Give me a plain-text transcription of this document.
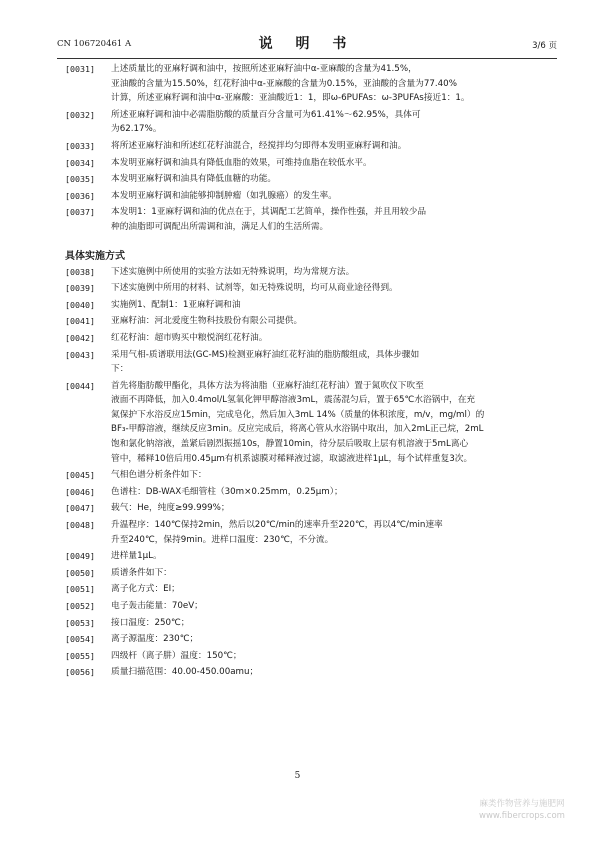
CN 106720461 A	说 明 书	3/6 页
[0031]	上述质量比的亚麻籽调和油中，按照所述亚麻籽油中α-亚麻酸的含量为41.5%，
亚油酸的含量为15.50%，红花籽油中α-亚麻酸的含量为0.15%，亚油酸的含量为77.40%
计算，所述亚麻籽调和油中α-亚麻酸：亚油酸近1：1，即ω-6PUFAs：ω-3PUFAs接近1：1。
[0032]	所述亚麻籽调和油中必需脂肪酸的质量百分含量可为61.41%～62.95%，具体可
为62.17%。
[0033]	将所述亚麻籽油和所述红花籽油混合，经搅拌均匀即得本发明亚麻籽调和油。
[0034]	本发明亚麻籽调和油具有降低血脂的效果，可维持血脂在较低水平。
[0035]	本发明亚麻籽调和油具有降低血糖的功能。
[0036]	本发明亚麻籽调和油能够抑制肿瘤（如乳腺癌）的发生率。
[0037]	本发明1：1亚麻籽调和油的优点在于，其调配工艺简单，操作性强，并且用较少品
种的油脂即可调配出所需调和油，满足人们的生活所需。
具体实施方式
[0038]	下述实施例中所使用的实验方法如无特殊说明，均为常规方法。
[0039]	下述实施例中所用的材料、试剂等，如无特殊说明，均可从商业途径得到。
[0040]	实施例1、配制1：1亚麻籽调和油
[0041]	亚麻籽油：河北爱度生物科技股份有限公司提供。
[0042]	红花籽油：超市购买中粮悦润红花籽油。
[0043]	采用气相-质谱联用法(GC-MS)检测亚麻籽油红花籽油的脂肪酸组成，具体步骤如
下：
[0044]	首先将脂肪酸甲酯化，具体方法为将油脂（亚麻籽油红花籽油）置于氮吹仪下吹至
液面不再降低，加入0.4mol/L氢氧化钾甲醇溶液3mL，震荡混匀后，置于65℃水浴锅中，在充
氮保护下水浴反应15min，完成皂化，然后加入3mL 14%（质量的体积浓度，m/v，mg/ml）的
BF₃-甲醇溶液，继续反应3min。反应完成后，将离心管从水浴锅中取出，加入2mL正己烷，2mL
饱和氯化钠溶液，盖紧后剧烈振摇10s，静置10min，待分层后吸取上层有机溶液于5mL离心
管中，稀释10倍后用0.45μm有机系滤膜对稀释液过滤，取滤液进样1μL，每个试样重复3次。
[0045]	气相色谱分析条件如下：
[0046]	色谱柱：DB-WAX毛细管柱（30m×0.25mm，0.25μm）；
[0047]	载气：He，纯度≥99.999%；
[0048]	升温程序：140℃保持2min，然后以20℃/min的速率升至220℃，再以4℃/min速率
升至240℃，保持9min。进样口温度：230℃，不分流。
[0049]	进样量1μL。
[0050]	质谱条件如下：
[0051]	离子化方式：EI；
[0052]	电子轰击能量：70eV；
[0053]	接口温度：250℃；
[0054]	离子源温度：230℃；
[0055]	四级杆（离子肼）温度：150℃；
[0056]	质量扫描范围：40.00-450.00amu；
5
麻类作物营养与施肥网
www.fibercrops.com
